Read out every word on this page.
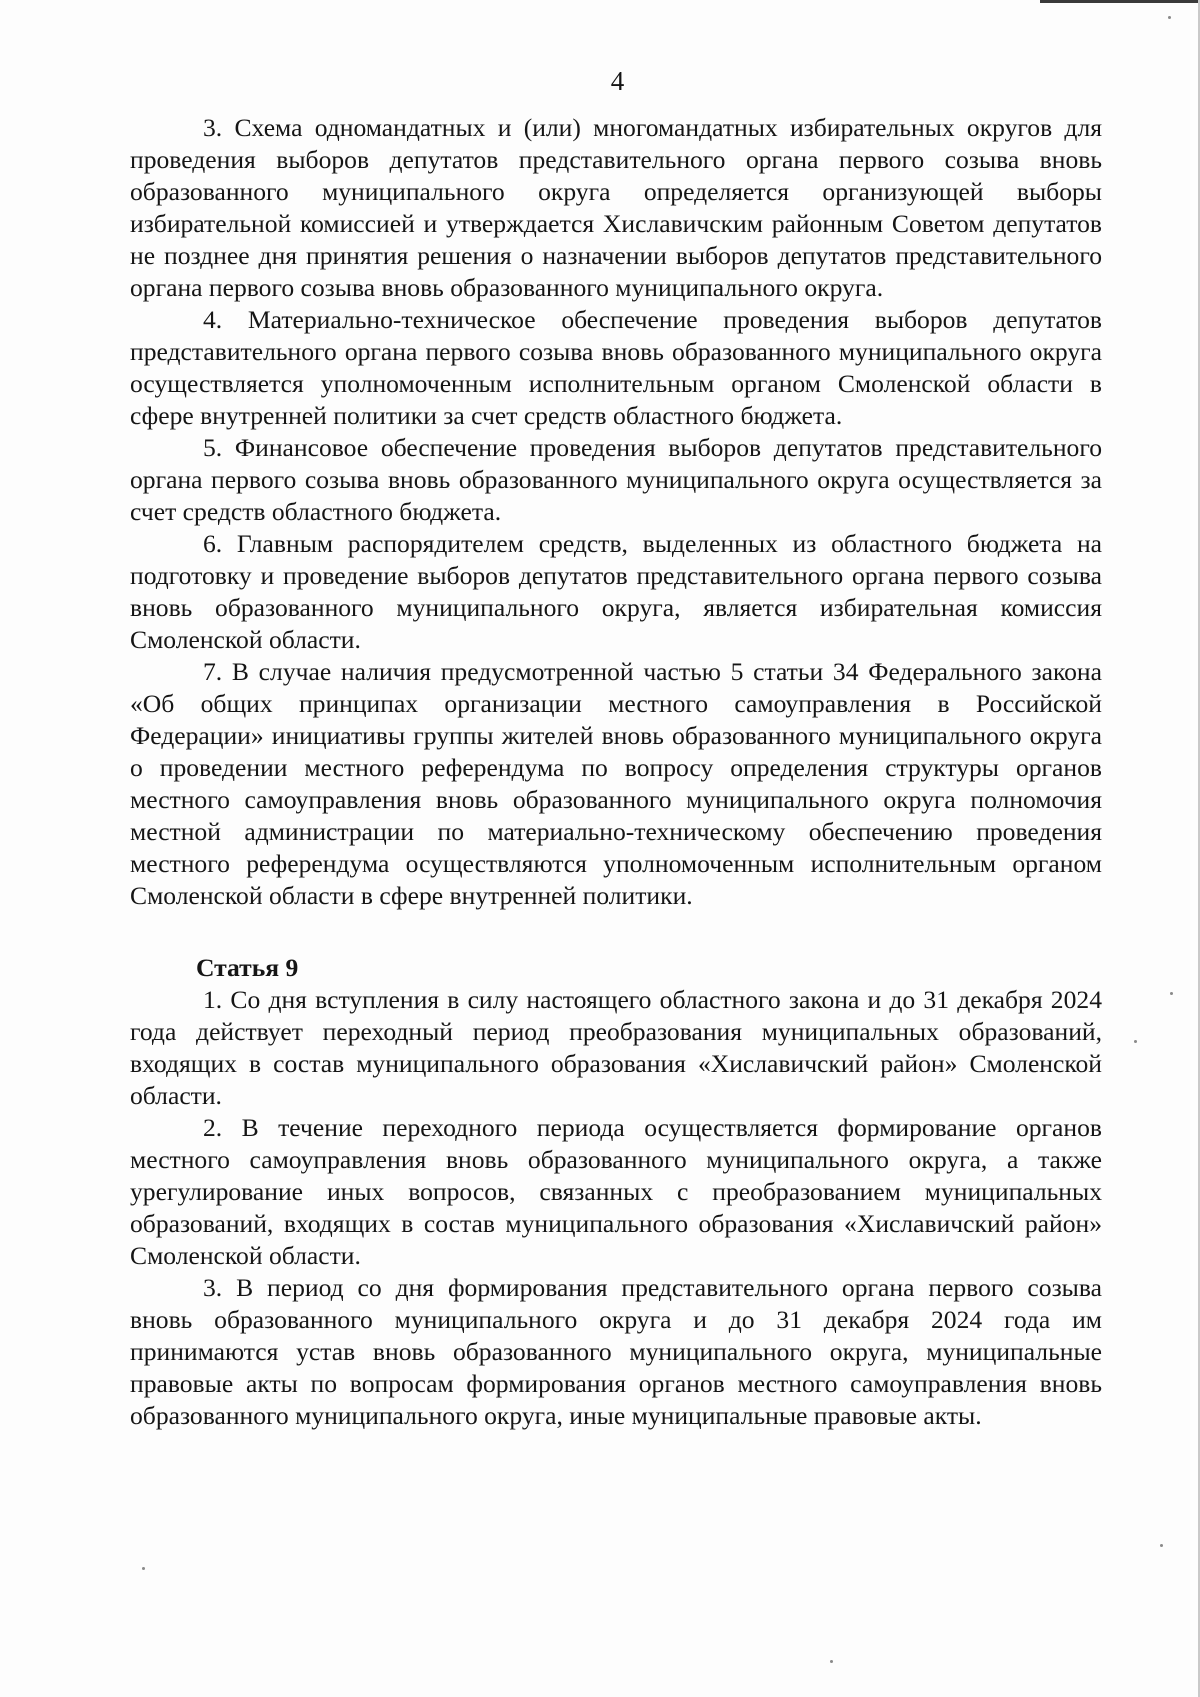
4

3. Схема одномандатных и (или) многомандатных избирательных округов для проведения выборов депутатов представительного органа первого созыва вновь образованного муниципального округа определяется организующей выборы избирательной комиссией и утверждается Хиславичским районным Советом депутатов не позднее дня принятия решения о назначении выборов депутатов представительного органа первого созыва вновь образованного муниципального округа.

4. Материально-техническое обеспечение проведения выборов депутатов представительного органа первого созыва вновь образованного муниципального округа осуществляется уполномоченным исполнительным органом Смоленской области в сфере внутренней политики за счет средств областного бюджета.

5. Финансовое обеспечение проведения выборов депутатов представительного органа первого созыва вновь образованного муниципального округа осуществляется за счет средств областного бюджета.

6. Главным распорядителем средств, выделенных из областного бюджета на подготовку и проведение выборов депутатов представительного органа первого созыва вновь образованного муниципального округа, является избирательная комиссия Смоленской области.

7. В случае наличия предусмотренной частью 5 статьи 34 Федерального закона «Об общих принципах организации местного самоуправления в Российской Федерации» инициативы группы жителей вновь образованного муниципального округа о проведении местного референдума по вопросу определения структуры органов местного самоуправления вновь образованного муниципального округа полномочия местной администрации по материально-техническому обеспечению проведения местного референдума осуществляются уполномоченным исполнительным органом Смоленской области в сфере внутренней политики.

Статья 9

1. Со дня вступления в силу настоящего областного закона и до 31 декабря 2024 года действует переходный период преобразования муниципальных образований, входящих в состав муниципального образования «Хиславичский район» Смоленской области.

2. В течение переходного периода осуществляется формирование органов местного самоуправления вновь образованного муниципального округа, а также урегулирование иных вопросов, связанных с преобразованием муниципальных образований, входящих в состав муниципального образования «Хиславичский район» Смоленской области.

3. В период со дня формирования представительного органа первого созыва вновь образованного муниципального округа и до 31 декабря 2024 года им принимаются устав вновь образованного муниципального округа, муниципальные правовые акты по вопросам формирования органов местного самоуправления вновь образованного муниципального округа, иные муниципальные правовые акты.
